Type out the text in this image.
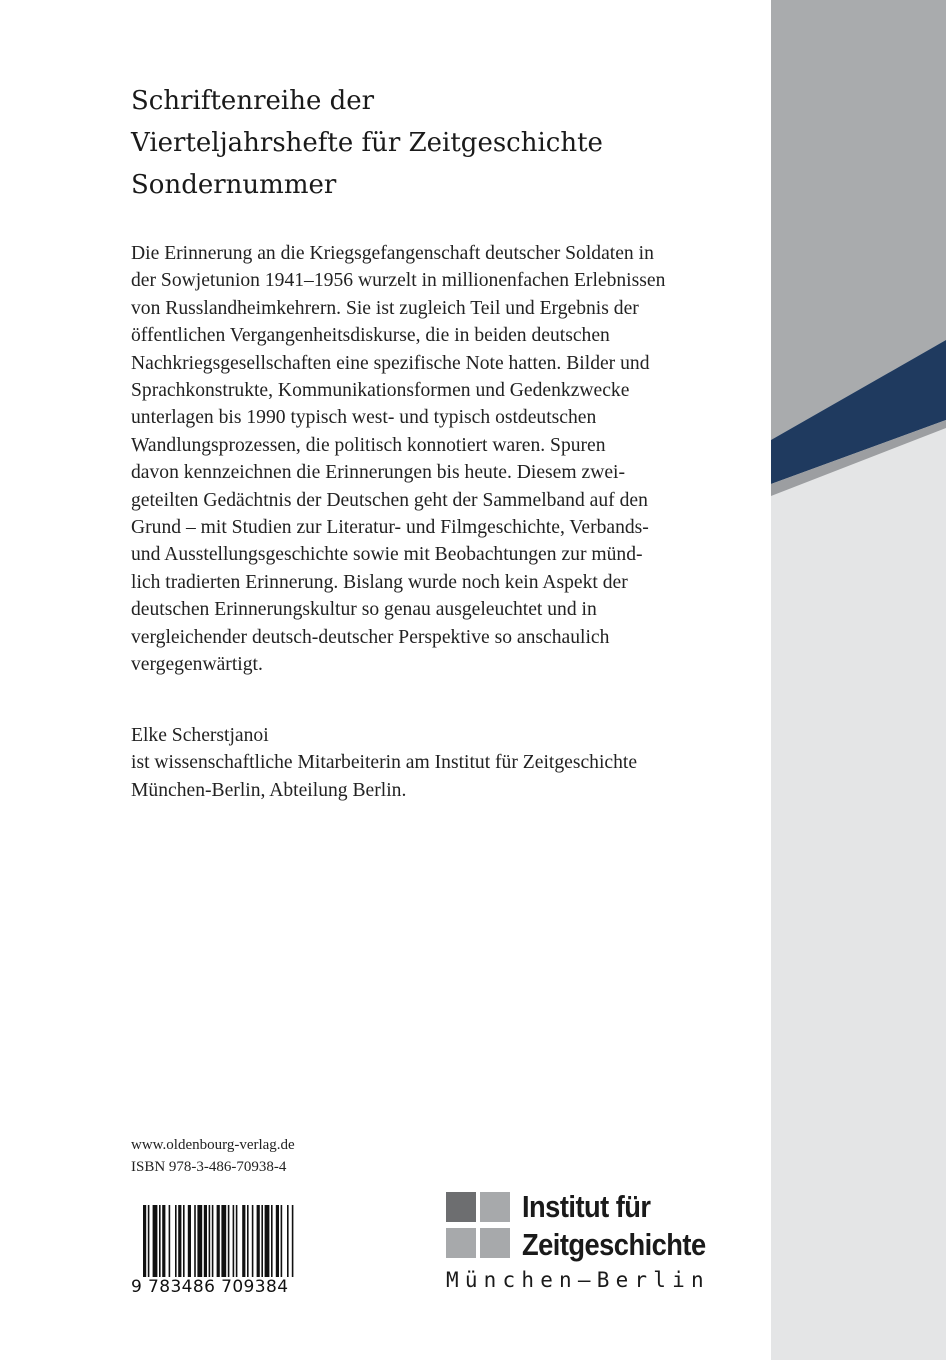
Schriftenreihe der
Vierteljahrshefte für Zeitgeschichte
Sondernummer
Die Erinnerung an die Kriegsgefangenschaft deutscher Soldaten in
der Sowjetunion 1941–1956 wurzelt in millionenfachen Erlebnissen
von Russlandheimkehrern. Sie ist zugleich Teil und Ergebnis der
öffentlichen Vergangenheitsdiskurse, die in beiden deutschen
Nachkriegsgesellschaften eine spezifische Note hatten. Bilder und
Sprachkonstrukte, Kommunikationsformen und Gedenkzwecke
unterlagen bis 1990 typisch west- und typisch ostdeutschen
Wandlungsprozessen, die politisch konnotiert waren. Spuren
davon kennzeichnen die Erinnerungen bis heute. Diesem zwei-
geteilten Gedächtnis der Deutschen geht der Sammelband auf den
Grund – mit Studien zur Literatur- und Filmgeschichte, Verbands-
und Ausstellungsgeschichte sowie mit Beobachtungen zur münd-
lich tradierten Erinnerung. Bislang wurde noch kein Aspekt der
deutschen Erinnerungskultur so genau ausgeleuchtet und in
vergleichender deutsch-deutscher Perspektive so anschaulich
vergegenwärtigt.
Elke Scherstjanoi
ist wissenschaftliche Mitarbeiterin am Institut für Zeitgeschichte
München-Berlin, Abteilung Berlin.
www.oldenbourg-verlag.de
ISBN 978-3-486-70938-4
9 783486 709384
Institut für
Zeitgeschichte
München–Berlin
